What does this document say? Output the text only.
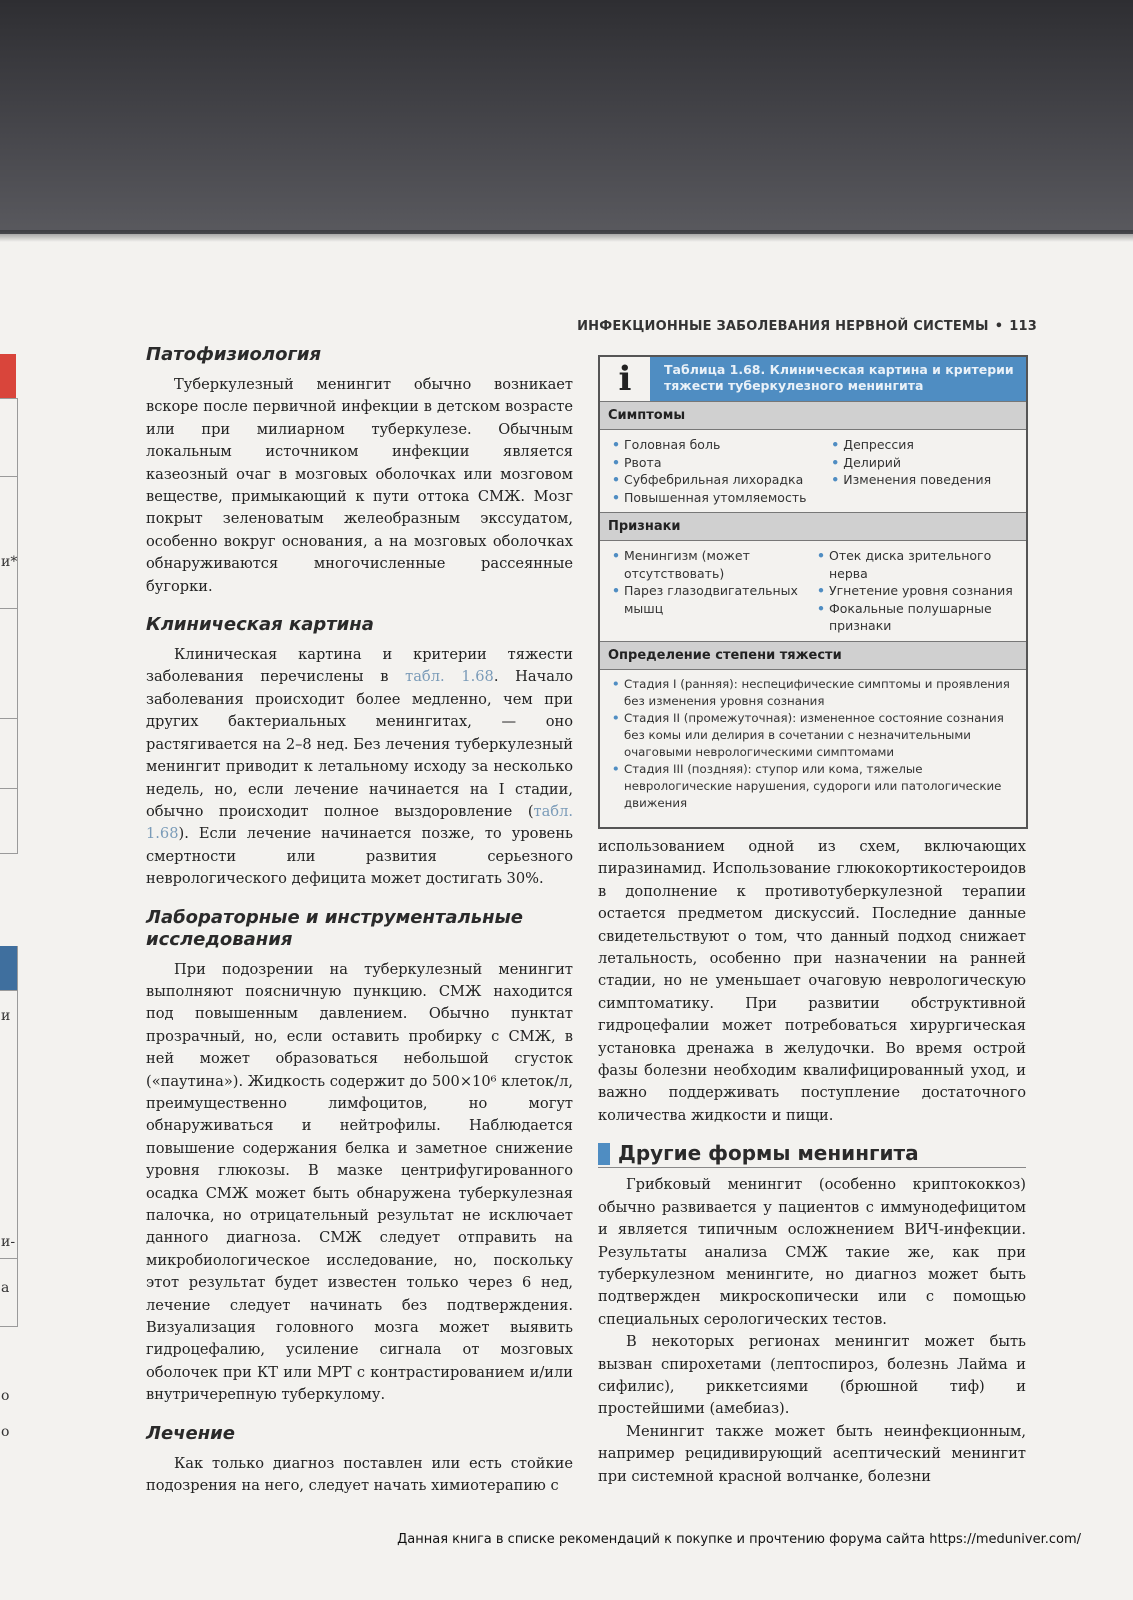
и*
и
и-
а
о
о
ИНФЕКЦИОННЫЕ ЗАБОЛЕВАНИЯ НЕРВНОЙ СИСТЕМЫ • 113
Патофизиология

Туберкулезный менингит обычно возникает вскоре после первичной инфекции в детском возрасте или при милиарном туберкулезе. Обычным локальным источником инфекции является казеозный очаг в мозговых оболочках или мозговом веществе, примыкающий к пути оттока СМЖ. Мозг покрыт зеленоватым желеобразным экссудатом, особенно вокруг основания, а на мозговых оболочках обнаруживаются многочисленные рассеянные бугорки.

Клиническая картина

Клиническая картина и критерии тяжести заболевания перечислены в табл. 1.68. Начало заболевания происходит более медленно, чем при других бактериальных менингитах, — оно растягивается на 2–8 нед. Без лечения туберкулезный менингит приводит к летальному исходу за несколько недель, но, если лечение начинается на I стадии, обычно происходит полное выздоровление (табл. 1.68). Если лечение начинается позже, то уровень смертности или развития серьезного неврологического дефицита может достигать 30%.

Лабораторные и инструментальные исследования

При подозрении на туберкулезный менингит выполняют поясничную пункцию. СМЖ находится под повышенным давлением. Обычно пунктат прозрачный, но, если оставить пробирку с СМЖ, в ней может образоваться небольшой сгусток («паутина»). Жидкость содержит до 500×10⁶ клеток/л, преимущественно лимфоцитов, но могут обнаруживаться и нейтрофилы. Наблюдается повышение содержания белка и заметное снижение уровня глюкозы. В мазке центрифугированного осадка СМЖ может быть обнаружена туберкулезная палочка, но отрицательный результат не исключает данного диагноза. СМЖ следует отправить на микробиологическое исследование, но, поскольку этот результат будет известен только через 6 нед, лечение следует начинать без подтверждения. Визуализация головного мозга может выявить гидроцефалию, усиление сигнала от мозговых оболочек при КТ или МРТ с контрастированием и/или внутричерепную туберкулому.

Лечение

Как только диагноз поставлен или есть стойкие подозрения на него, следует начать химиотерапию с

i	Таблица 1.68. Клиническая картина и критерии тяжести туберкулезного менингита
Симптомы
• Головная боль
• Рвота
• Субфебрильная лихорадка
• Повышенная утомляемость
• Депрессия
• Делирий
• Изменения поведения
Признаки
• Менингизм (может отсутствовать)
• Парез глазодвигательных мышц
• Отек диска зрительного нерва
• Угнетение уровня сознания
• Фокальные полушарные признаки
Определение степени тяжести
• Стадия I (ранняя): неспецифические симптомы и проявления без изменения уровня сознания
• Стадия II (промежуточная): измененное состояние сознания без комы или делирия в сочетании с незначительными очаговыми неврологическими симптомами
• Стадия III (поздняя): ступор или кома, тяжелые неврологические нарушения, судороги или патологические движения

использованием одной из схем, включающих пиразинамид. Использование глюкокортикостероидов в дополнение к противотуберкулезной терапии остается предметом дискуссий. Последние данные свидетельствуют о том, что данный подход снижает летальность, особенно при назначении на ранней стадии, но не уменьшает очаговую неврологическую симптоматику. При развитии обструктивной гидроцефалии может потребоваться хирургическая установка дренажа в желудочки. Во время острой фазы болезни необходим квалифицированный уход, и важно поддерживать поступление достаточного количества жидкости и пищи.

Другие формы менингита

Грибковый менингит (особенно криптококкоз) обычно развивается у пациентов с иммунодефицитом и является типичным осложнением ВИЧ-инфекции. Результаты анализа СМЖ такие же, как при туберкулезном менингите, но диагноз может быть подтвержден микроскопически или с помощью специальных серологических тестов.

В некоторых регионах менингит может быть вызван спирохетами (лептоспироз, болезнь Лайма и сифилис), риккетсиями (брюшной тиф) и простейшими (амебиаз).

Менингит также может быть неинфекционным, например рецидивирующий асептический менингит при системной красной волчанке, болезни

Данная книга в списке рекомендаций к покупке и прочтению форума сайта https://meduniver.com/
